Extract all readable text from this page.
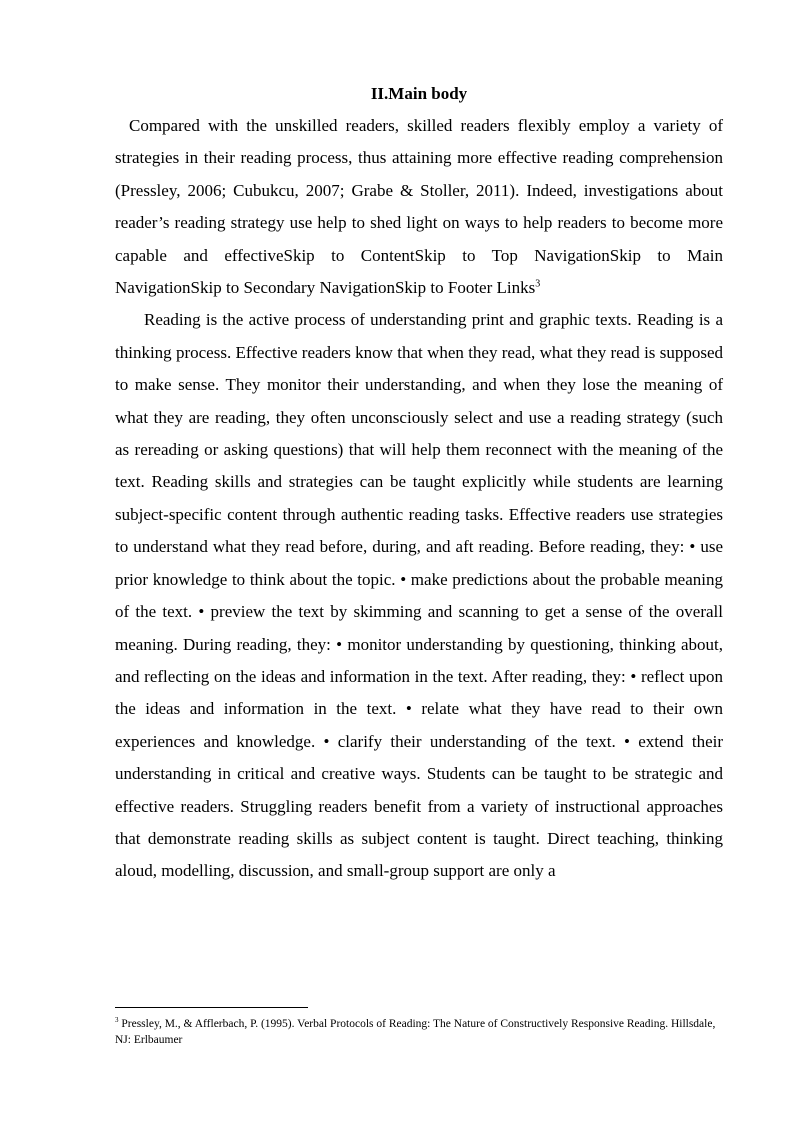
II.Main body

Compared with the unskilled readers, skilled readers flexibly employ a variety of strategies in their reading process, thus attaining more effective reading comprehension (Pressley, 2006; Cubukcu, 2007; Grabe & Stoller, 2011). Indeed, investigations about reader’s reading strategy use help to shed light on ways to help readers to become more capable and effectiveSkip to ContentSkip to Top NavigationSkip to Main NavigationSkip to Secondary NavigationSkip to Footer Links$^3$

Reading is the active process of understanding print and graphic texts. Reading is a thinking process. Effective readers know that when they read, what they read is supposed to make sense. They monitor their understanding, and when they lose the meaning of what they are reading, they often unconsciously select and use a reading strategy (such as rereading or asking questions) that will help them reconnect with the meaning of the text. Reading skills and strategies can be taught explicitly while students are learning subject-specific content through authentic reading tasks. Effective readers use strategies to understand what they read before, during, and aft reading. Before reading, they: • use prior knowledge to think about the topic. • make predictions about the probable meaning of the text. • preview the text by skimming and scanning to get a sense of the overall meaning. During reading, they: • monitor understanding by questioning, thinking about, and reflecting on the ideas and information in the text. After reading, they: • reflect upon the ideas and information in the text. • relate what they have read to their own experiences and knowledge. • clarify their understanding of the text. • extend their understanding in critical and creative ways. Students can be taught to be strategic and effective readers. Struggling readers benefit from a variety of instructional approaches that demonstrate reading skills as subject content is taught. Direct teaching, thinking aloud, modelling, discussion, and small-group support are only a

$^3$ Pressley, M., & Afflerbach, P. (1995). Verbal Protocols of Reading: The Nature of Constructively Responsive Reading. Hillsdale, NJ: Erlbaumer
